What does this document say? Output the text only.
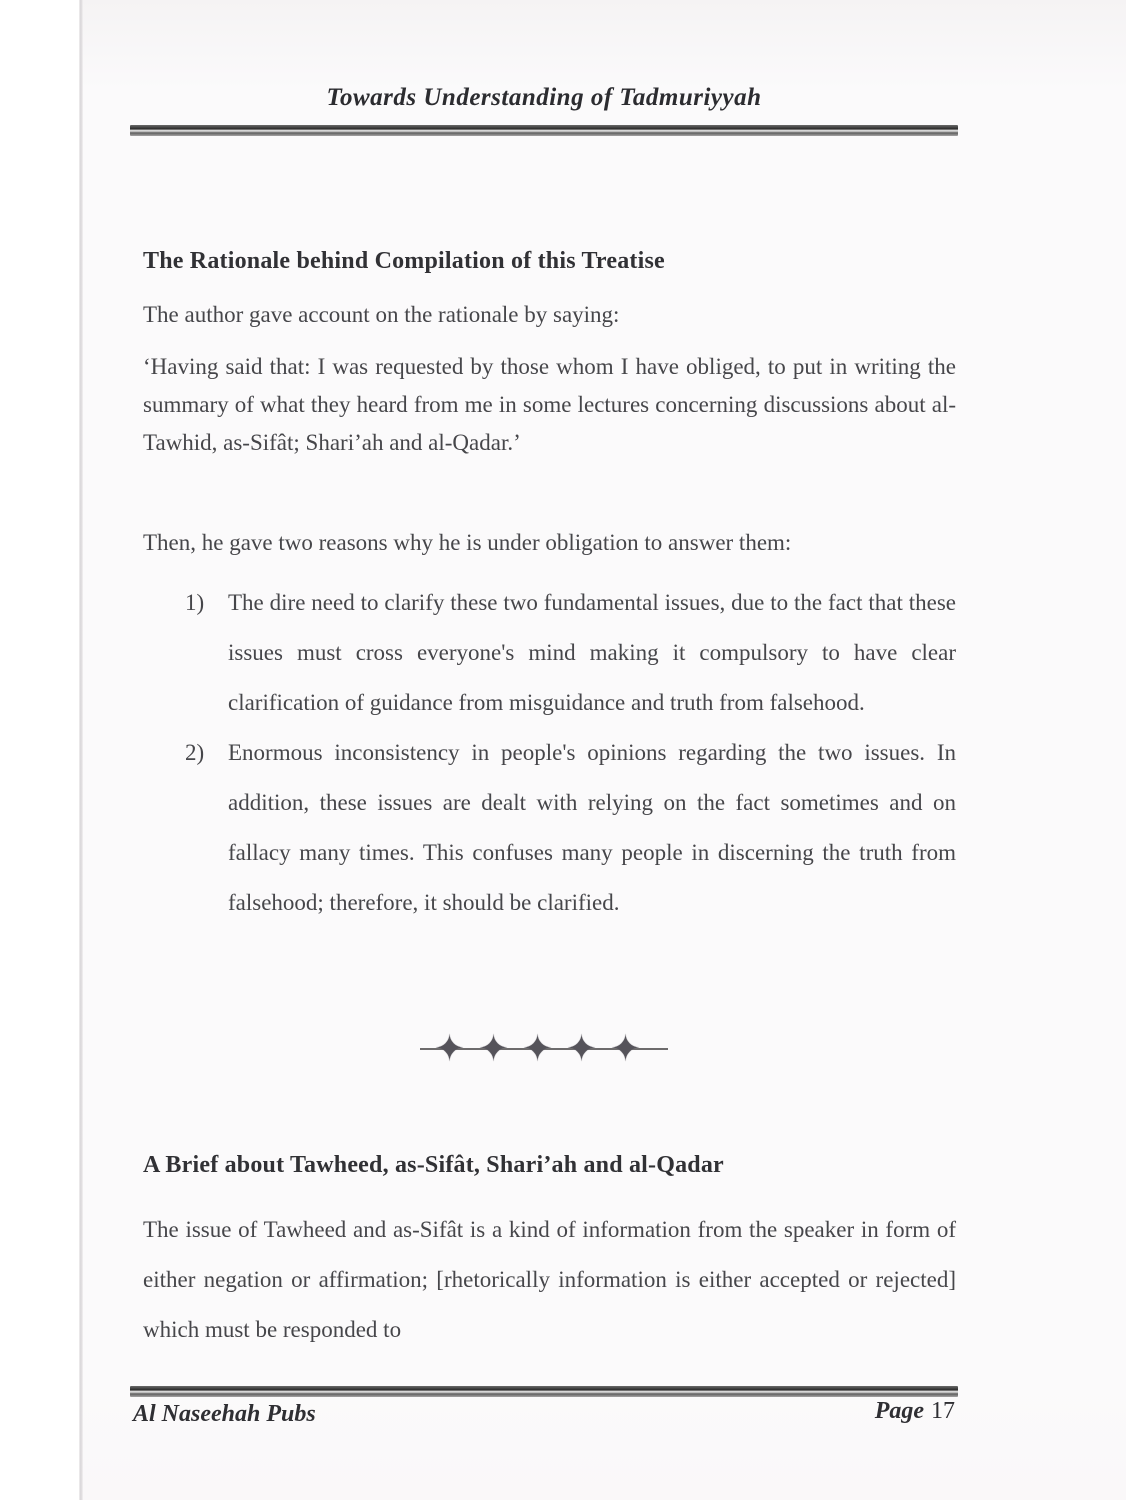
Towards Understanding of Tadmuriyyah
The Rationale behind Compilation of this Treatise
The author gave account on the rationale by saying:
‘Having said that: I was requested by those whom I have obliged, to put in writing the summary of what they heard from me in some lectures concerning discussions about al-Tawhid, as-Sifât; Shari’ah and al-Qadar.’
Then, he gave two reasons why he is under obligation to answer them:
1)	The dire need to clarify these two fundamental issues, due to the fact that these issues must cross everyone's mind making it compulsory to have clear clarification of guidance from misguidance and truth from falsehood.
2)	Enormous inconsistency in people's opinions regarding the two issues. In addition, these issues are dealt with relying on the fact sometimes and on fallacy many times. This confuses many people in discerning the truth from falsehood; therefore, it should be clarified.
✦✦✦✦✦
A Brief about Tawheed, as-Sifât, Shari’ah and al-Qadar
The issue of Tawheed and as-Sifât is a kind of information from the speaker in form of either negation or affirmation; [rhetorically information is either accepted or rejected] which must be responded to
Al Naseehah Pubs	Page 17
